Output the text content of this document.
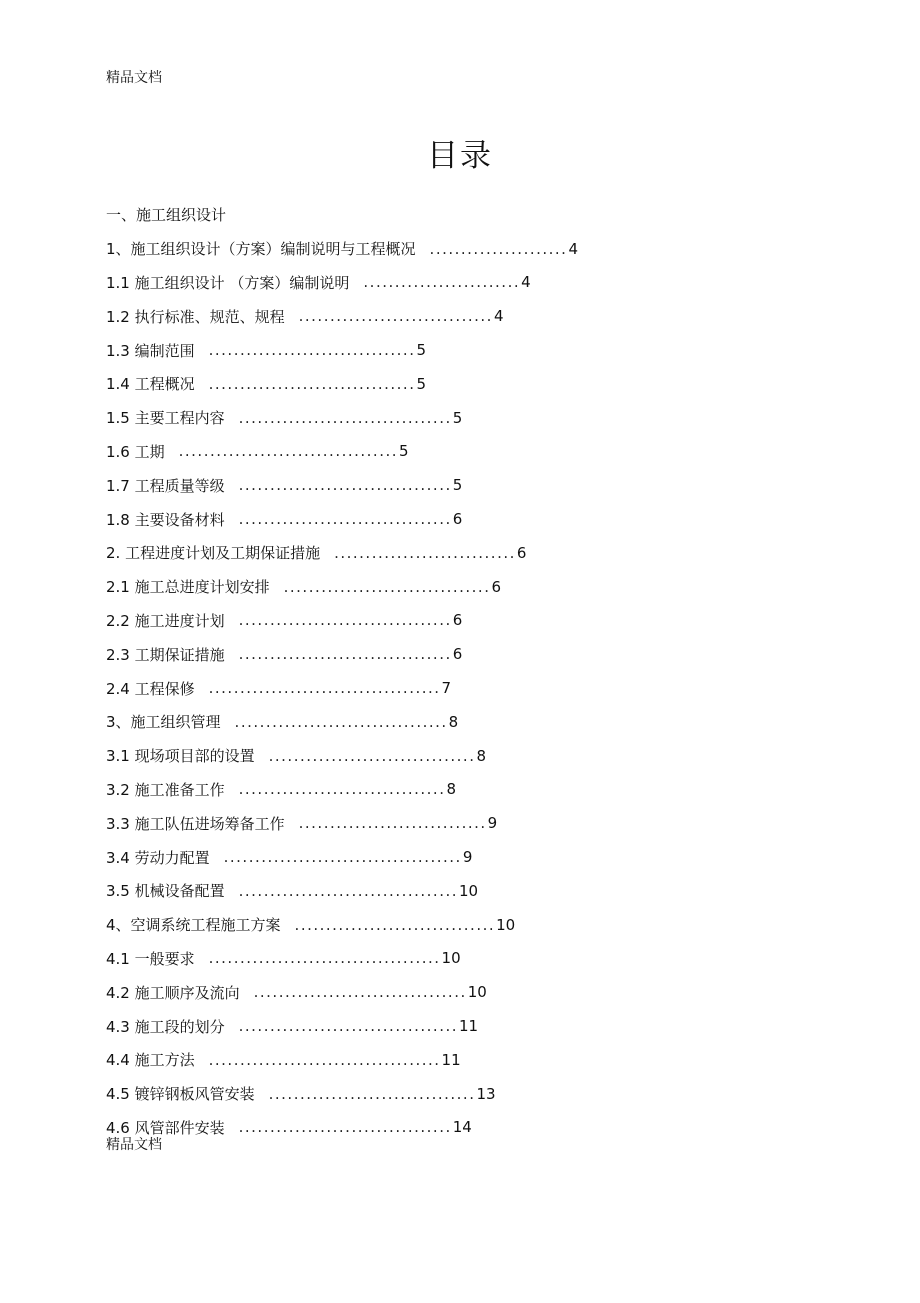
精品文档
目录
一、施工组织设计
1、施工组织设计（方案）编制说明与工程概况 ...................... 4
1.1 施工组织设计 （方案）编制说明 ......................... 4
1.2 执行标准、规范、规程 ............................... 4
1.3 编制范围 ................................. 5
1.4 工程概况 ................................. 5
1.5 主要工程内容 .................................. 5
1.6 工期 ................................... 5
1.7 工程质量等级 .................................. 5
1.8 主要设备材料 .................................. 6
2. 工程进度计划及工期保证措施 ............................. 6
2.1 施工总进度计划安排 ................................. 6
2.2 施工进度计划 .................................. 6
2.3 工期保证措施 .................................. 6
2.4 工程保修 ..................................... 7
3、施工组织管理 .................................. 8
3.1 现场项目部的设置 ................................. 8
3.2 施工准备工作 ................................. 8
3.3 施工队伍进场筹备工作 .............................. 9
3.4 劳动力配置 ...................................... 9
3.5 机械设备配置 ................................... 10
4、空调系统工程施工方案 ................................ 10
4.1 一般要求 ..................................... 10
4.2 施工顺序及流向 .................................. 10
4.3 施工段的划分 ................................... 11
4.4 施工方法 ..................................... 11
4.5 镀锌钢板风管安装 ................................. 13
4.6 风管部件安装 .................................. 14
精品文档
